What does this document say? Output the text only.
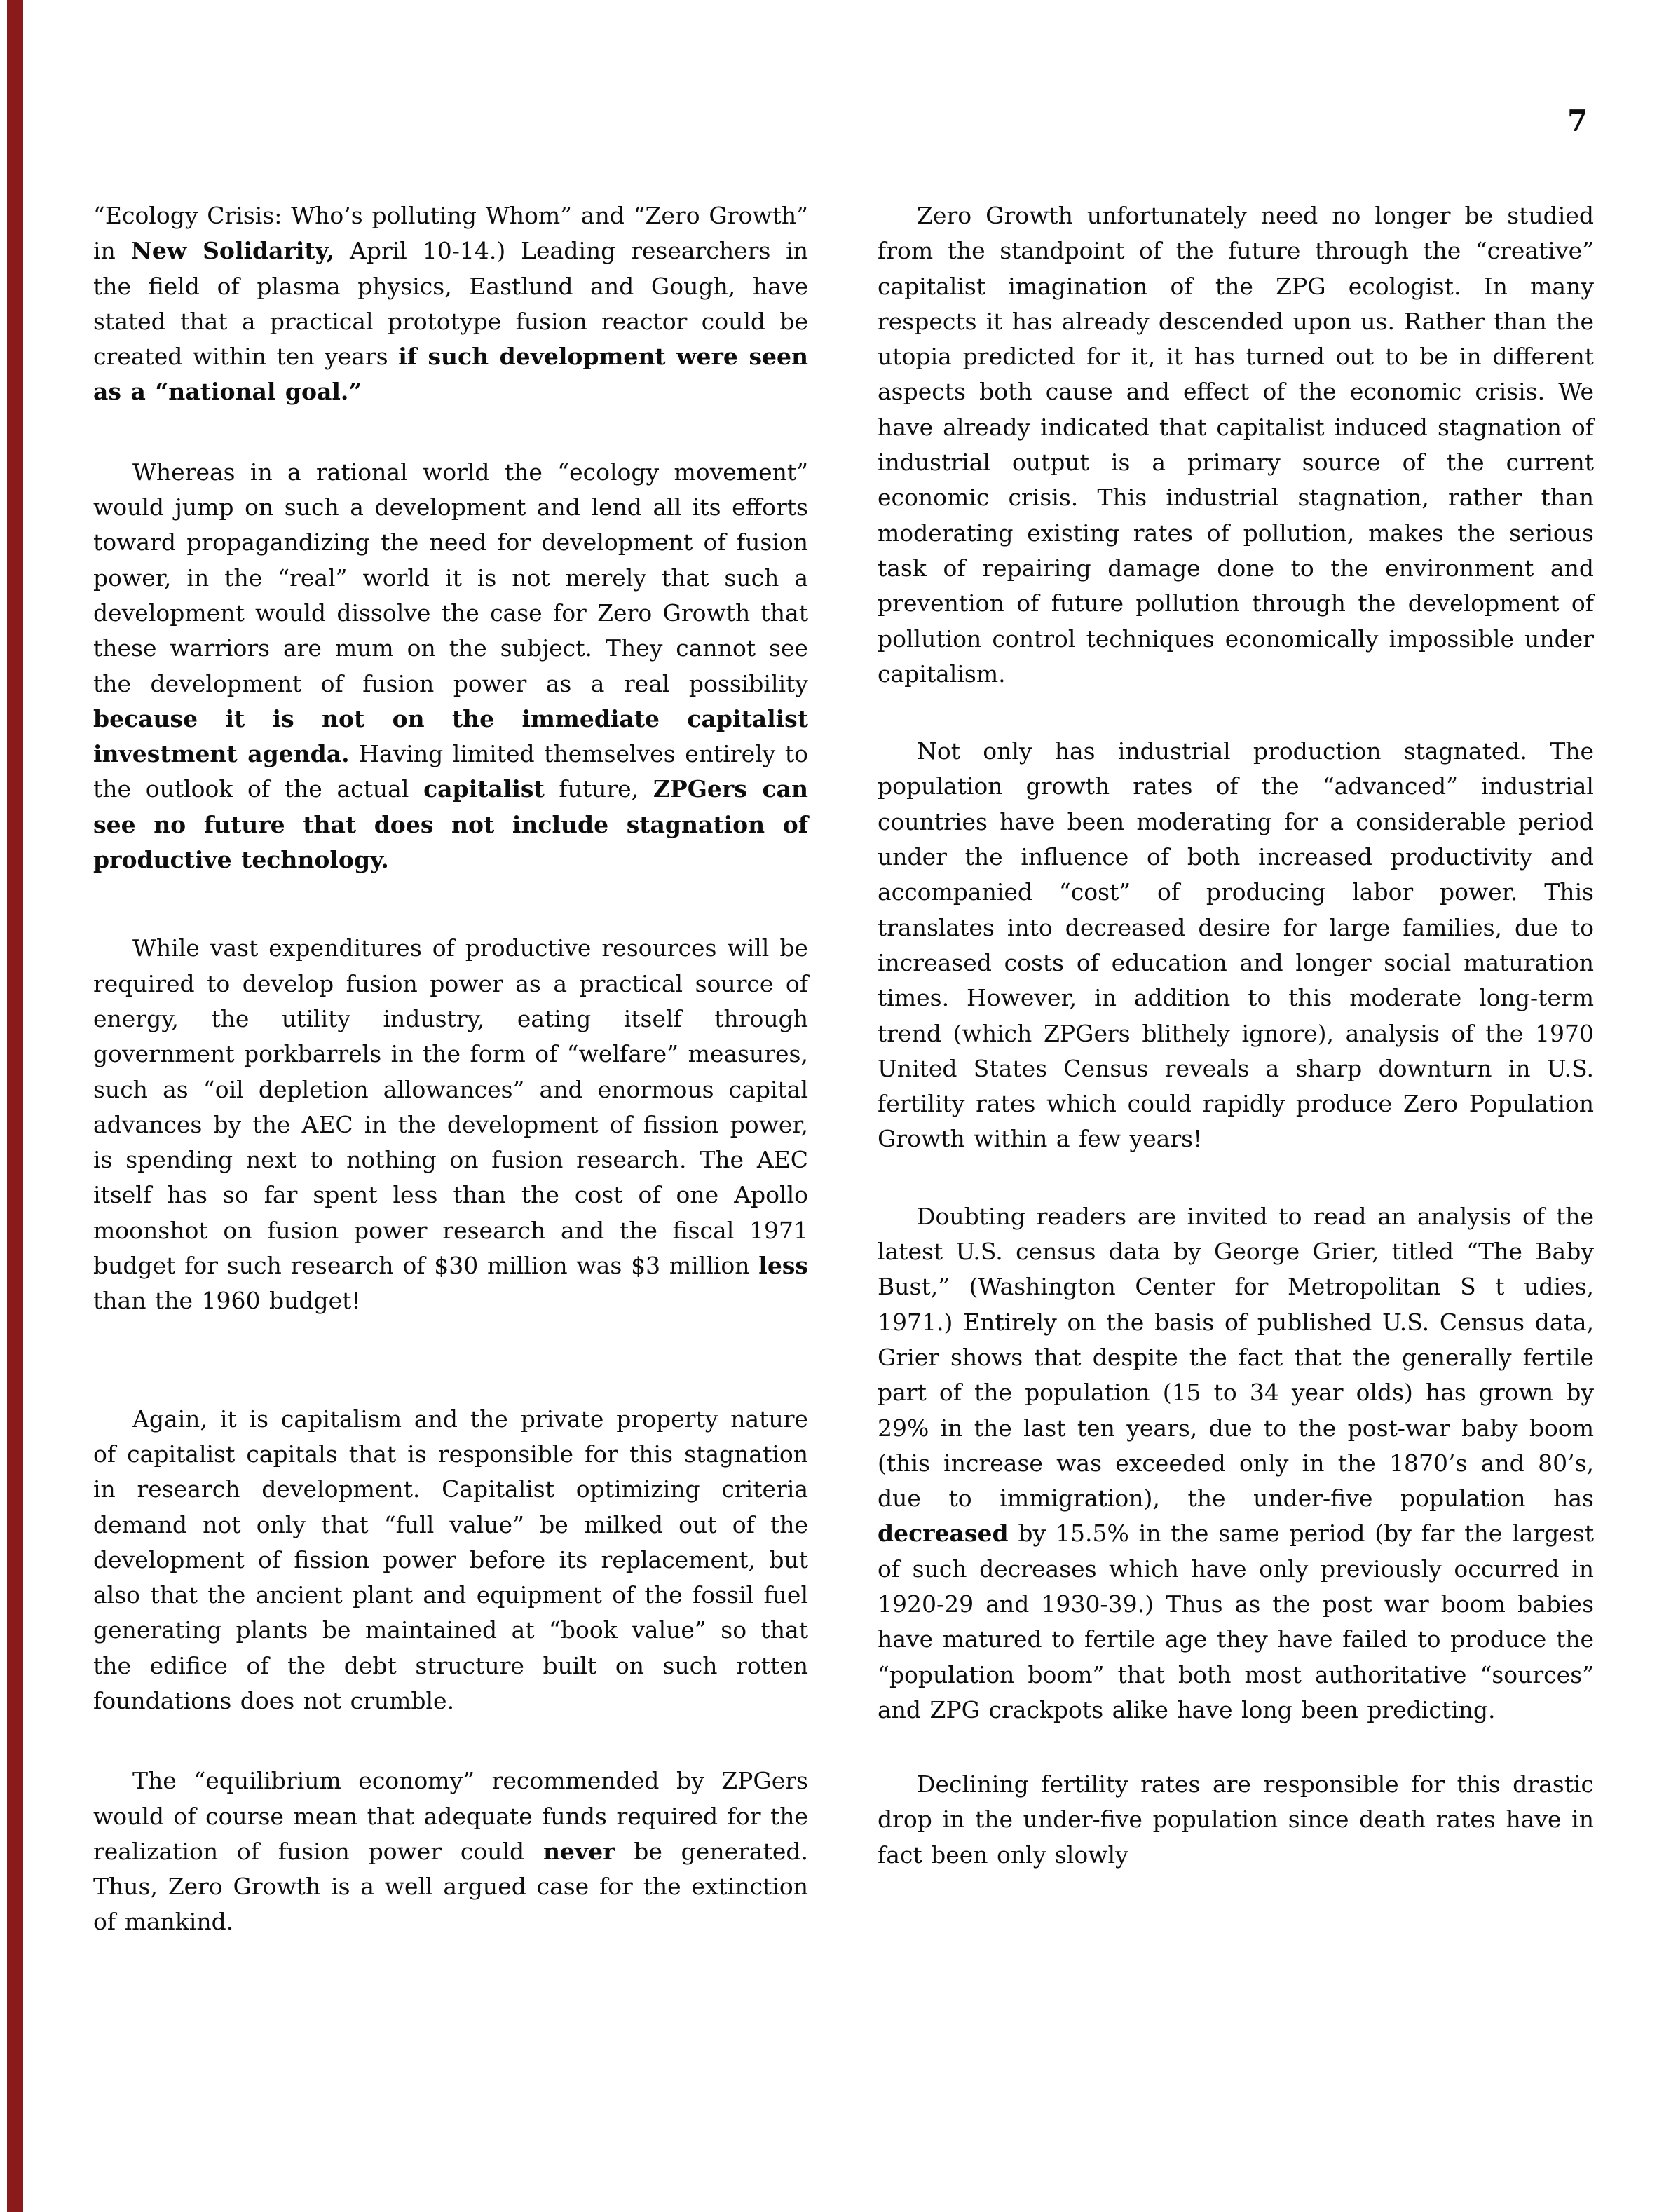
7

“Ecology Crisis: Who’s polluting Whom” and “Zero Growth” in New Solidarity, April 10-14.) Leading researchers in the field of plasma physics, Eastlund and Gough, have stated that a practical prototype fusion reactor could be created within ten years if such development were seen as a “national goal.”

Whereas in a rational world the “ecology movement” would jump on such a development and lend all its efforts toward propagandizing the need for development of fusion power, in the “real” world it is not merely that such a development would dissolve the case for Zero Growth that these warriors are mum on the subject. They cannot see the development of fusion power as a real possibility because it is not on the immediate capitalist investment agenda. Having limited themselves entirely to the outlook of the actual capitalist future, ZPGers can see no future that does not include stagnation of productive technology.

While vast expenditures of productive resources will be required to develop fusion power as a practical source of energy, the utility industry, eating itself through government porkbarrels in the form of “welfare” measures, such as “oil depletion allowances” and enormous capital advances by the AEC in the development of fission power, is spending next to nothing on fusion research. The AEC itself has so far spent less than the cost of one Apollo moonshot on fusion power research and the fiscal 1971 budget for such research of $30 million was $3 million less than the 1960 budget!

Again, it is capitalism and the private property nature of capitalist capitals that is responsible for this stagnation in research development. Capitalist optimizing criteria demand not only that “full value” be milked out of the development of fission power before its replacement, but also that the ancient plant and equipment of the fossil fuel generating plants be maintained at “book value” so that the edifice of the debt structure built on such rotten foundations does not crumble.

The “equilibrium economy” recommended by ZPGers would of course mean that adequate funds required for the realization of fusion power could never be generated. Thus, Zero Growth is a well argued case for the extinction of mankind.

Zero Growth unfortunately need no longer be studied from the standpoint of the future through the “creative” capitalist imagination of the ZPG ecologist. In many respects it has already descended upon us. Rather than the utopia predicted for it, it has turned out to be in different aspects both cause and effect of the economic crisis. We have already indicated that capitalist induced stagnation of industrial output is a primary source of the current economic crisis. This industrial stagnation, rather than moderating existing rates of pollution, makes the serious task of repairing damage done to the environment and prevention of future pollution through the development of pollution control techniques economically impossible under capitalism.

Not only has industrial production stagnated. The population growth rates of the “advanced” industrial countries have been moderating for a considerable period under the influence of both increased productivity and accompanied “cost” of producing labor power. This translates into decreased desire for large families, due to increased costs of education and longer social maturation times. However, in addition to this moderate long-term trend (which ZPGers blithely ignore), analysis of the 1970 United States Census reveals a sharp downturn in U.S. fertility rates which could rapidly produce Zero Population Growth within a few years!

Doubting readers are invited to read an analysis of the latest U.S. census data by George Grier, titled “The Baby Bust,” (Washington Center for Metropolitan S t udies, 1971.) Entirely on the basis of published U.S. Census data, Grier shows that despite the fact that the generally fertile part of the population (15 to 34 year olds) has grown by 29% in the last ten years, due to the post-war baby boom (this increase was exceeded only in the 1870’s and 80’s, due to immigration), the under-five population has decreased by 15.5% in the same period (by far the largest of such decreases which have only previously occurred in 1920-29 and 1930-39.) Thus as the post war boom babies have matured to fertile age they have failed to produce the “population boom” that both most authoritative “sources” and ZPG crackpots alike have long been predicting.

Declining fertility rates are responsible for this drastic drop in the under-five population since death rates have in fact been only slowly
